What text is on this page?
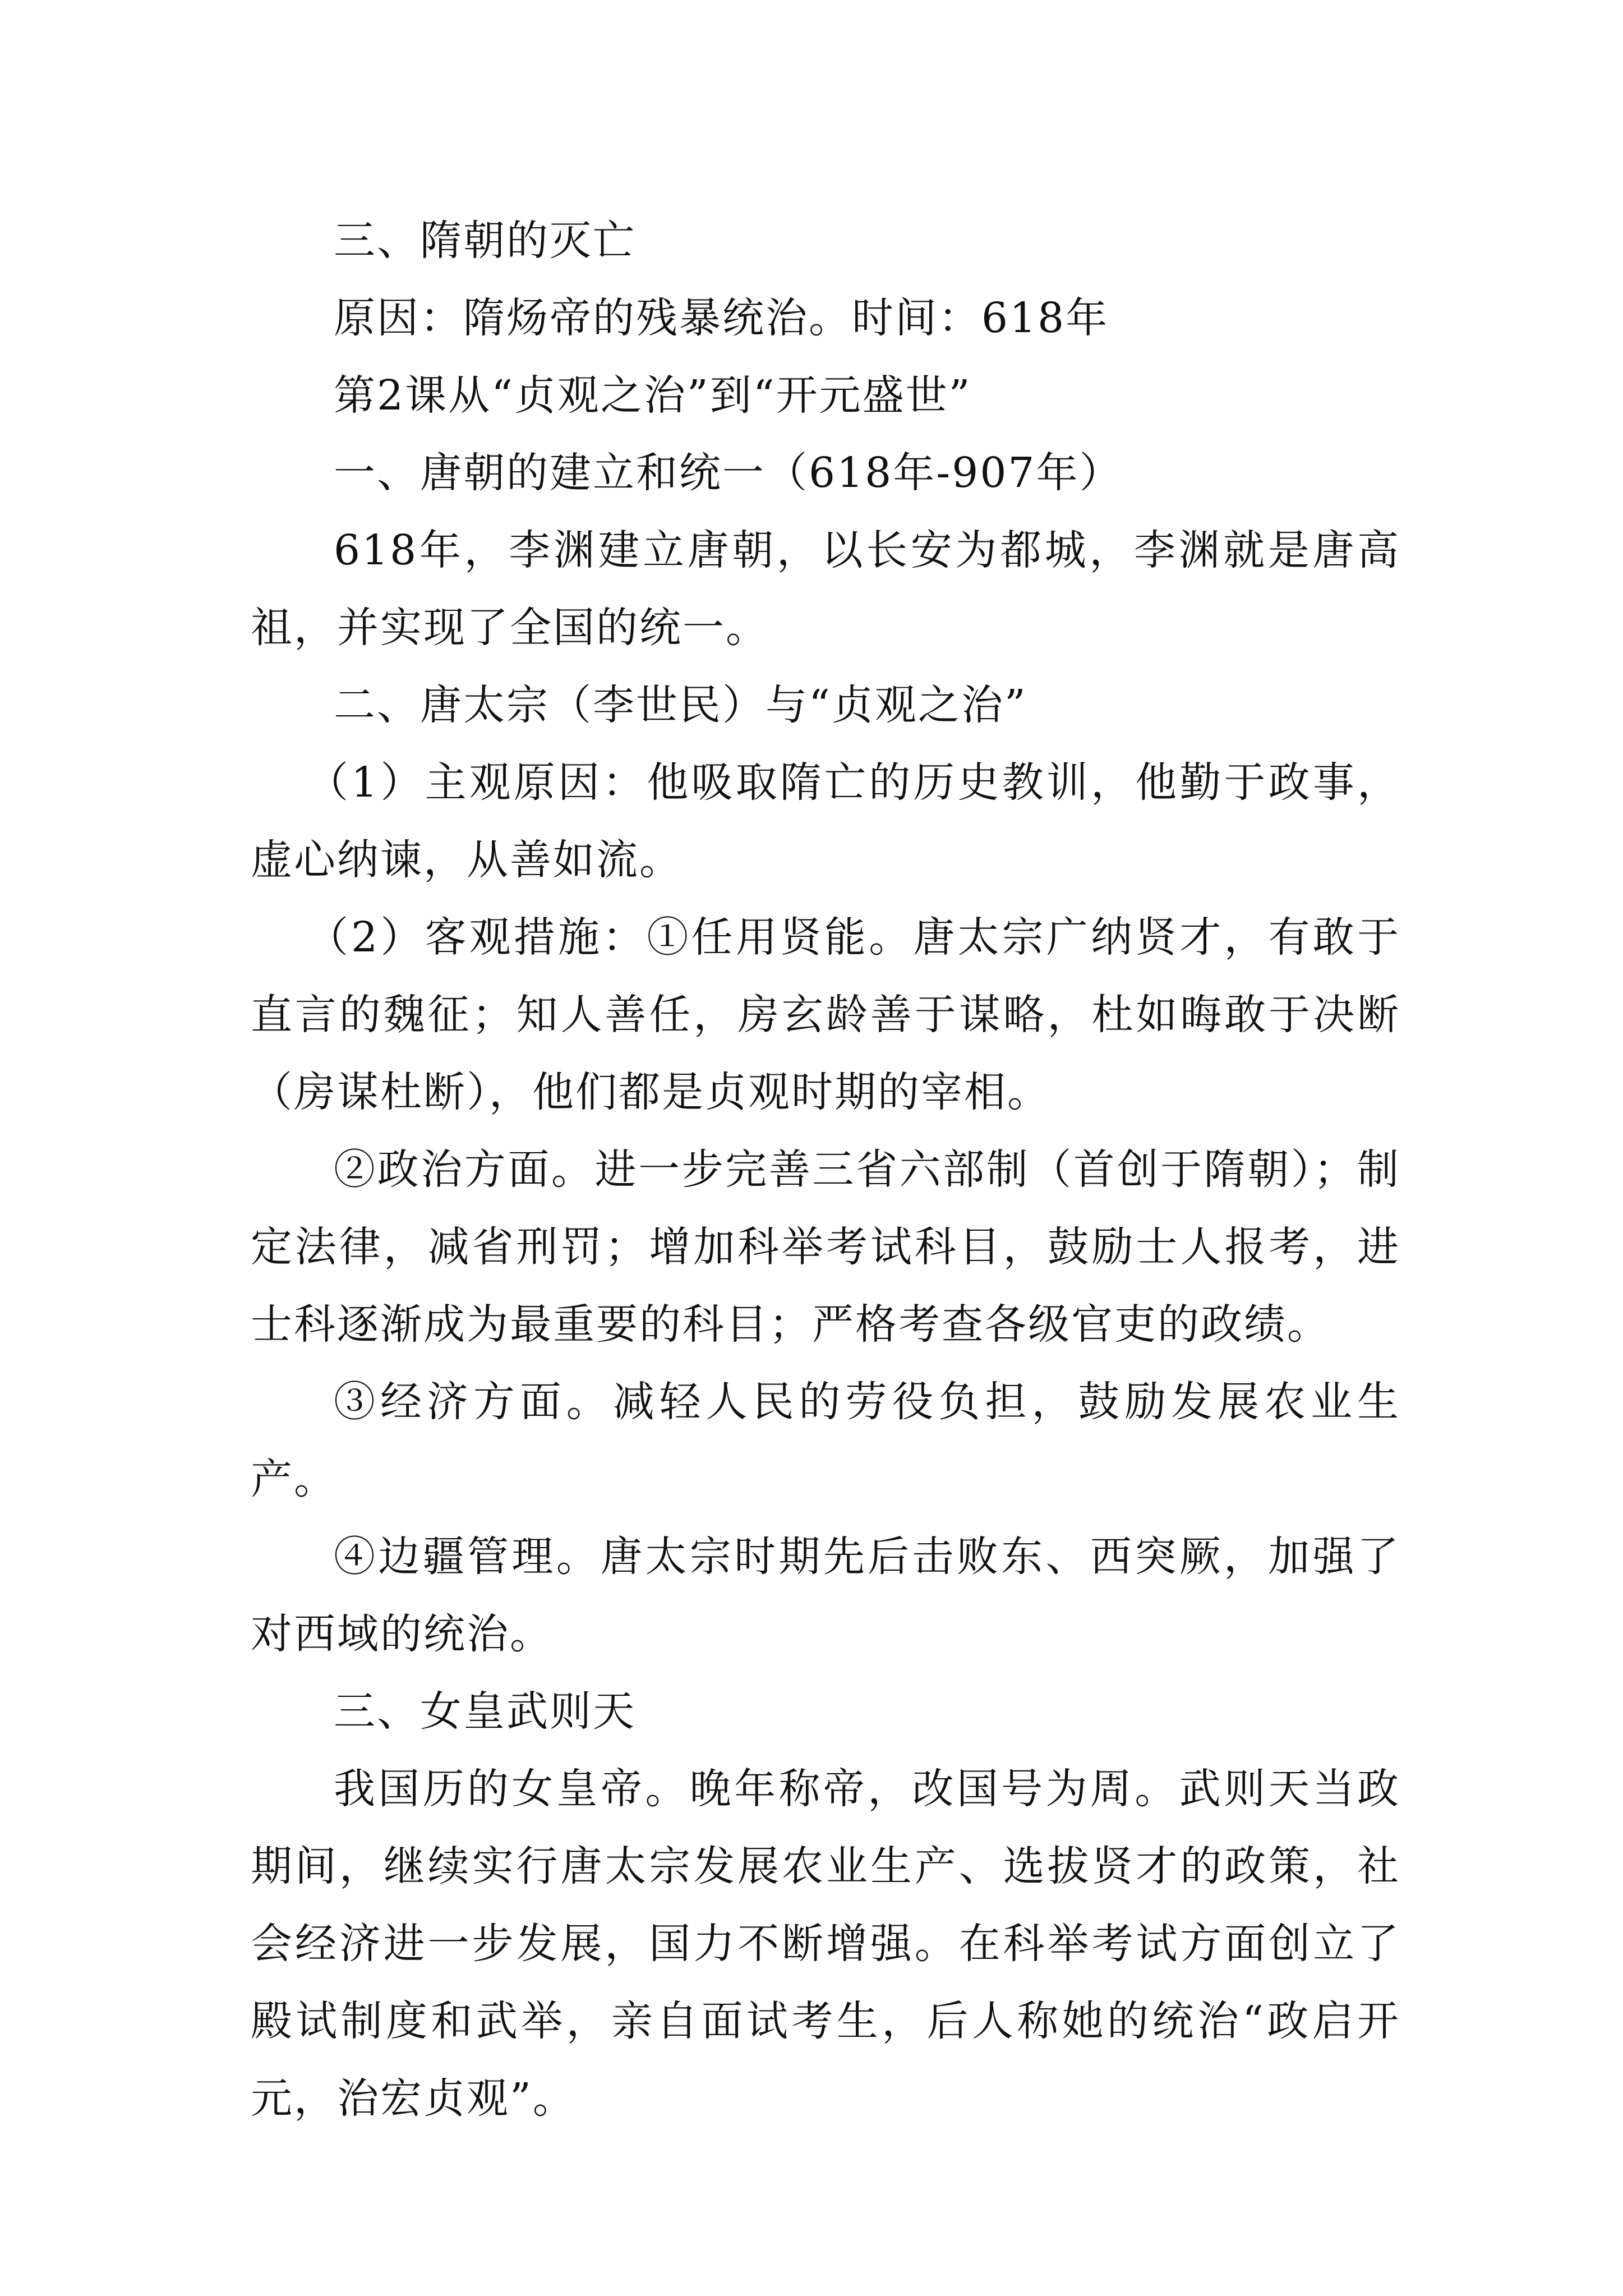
三、隋朝的灭亡

原因：隋炀帝的残暴统治。时间：618年

第2课从“贞观之治”到“开元盛世”

一、唐朝的建立和统一（618年-907年）

618年，李渊建立唐朝，以长安为都城，李渊就是唐高祖，并实现了全国的统一。

二、唐太宗（李世民）与“贞观之治”

（1）主观原因：他吸取隋亡的历史教训，他勤于政事，虚心纳谏，从善如流。

（2）客观措施：①任用贤能。唐太宗广纳贤才，有敢于直言的魏征；知人善任，房玄龄善于谋略，杜如晦敢于决断（房谋杜断），他们都是贞观时期的宰相。

②政治方面。进一步完善三省六部制（首创于隋朝）；制定法律，减省刑罚；增加科举考试科目，鼓励士人报考，进士科逐渐成为最重要的科目；严格考查各级官吏的政绩。

③经济方面。减轻人民的劳役负担，鼓励发展农业生产。

④边疆管理。唐太宗时期先后击败东、西突厥，加强了对西域的统治。

三、女皇武则天

我国历的女皇帝。晚年称帝，改国号为周。武则天当政期间，继续实行唐太宗发展农业生产、选拔贤才的政策，社会经济进一步发展，国力不断增强。在科举考试方面创立了殿试制度和武举，亲自面试考生，后人称她的统治“政启开元，治宏贞观”。
